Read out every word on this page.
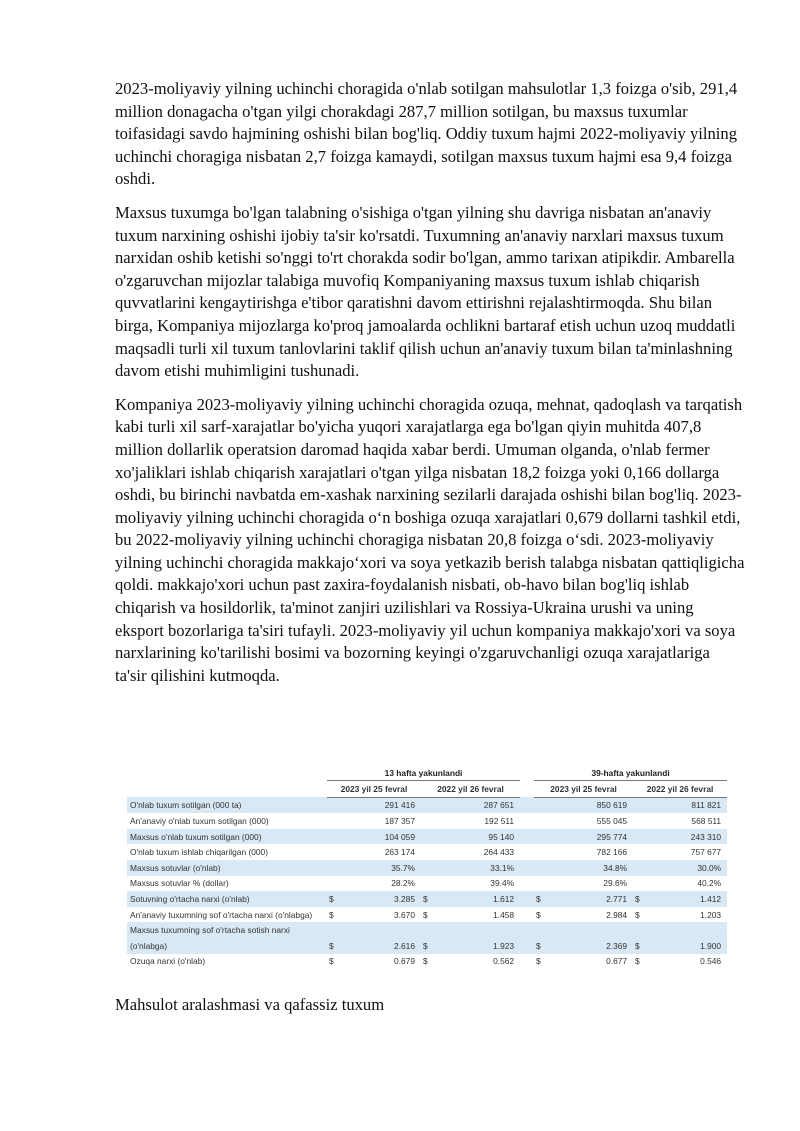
2023-moliyaviy yilning uchinchi choragida o'nlab sotilgan mahsulotlar 1,3 foizga o'sib, 291,4 million donagacha o'tgan yilgi chorakdagi 287,7 million sotilgan, bu maxsus tuxumlar toifasidagi savdo hajmining oshishi bilan bog'liq. Oddiy tuxum hajmi 2022-moliyaviy yilning uchinchi choragiga nisbatan 2,7 foizga kamaydi, sotilgan maxsus tuxum hajmi esa 9,4 foizga oshdi.

Maxsus tuxumga bo'lgan talabning o'sishiga o'tgan yilning shu davriga nisbatan an'anaviy tuxum narxining oshishi ijobiy ta'sir ko'rsatdi. Tuxumning an'anaviy narxlari maxsus tuxum narxidan oshib ketishi so'nggi to'rt chorakda sodir bo'lgan, ammo tarixan atipikdir. Ambarella o'zgaruvchan mijozlar talabiga muvofiq Kompaniyaning maxsus tuxum ishlab chiqarish quvvatlarini kengaytirishga e'tibor qaratishni davom ettirishni rejalashtirmoqda. Shu bilan birga, Kompaniya mijozlarga ko'proq jamoalarda ochlikni bartaraf etish uchun uzoq muddatli maqsadli turli xil tuxum tanlovlarini taklif qilish uchun an'anaviy tuxum bilan ta'minlashning davom etishi muhimligini tushunadi.

Kompaniya 2023-moliyaviy yilning uchinchi choragida ozuqa, mehnat, qadoqlash va tarqatish kabi turli xil sarf-xarajatlar bo'yicha yuqori xarajatlarga ega bo'lgan qiyin muhitda 407,8 million dollarlik operatsion daromad haqida xabar berdi. Umuman olganda, o'nlab fermer xo'jaliklari ishlab chiqarish xarajatlari o'tgan yilga nisbatan 18,2 foizga yoki 0,166 dollarga oshdi, bu birinchi navbatda em-xashak narxining sezilarli darajada oshishi bilan bog'liq. 2023-moliyaviy yilning uchinchi choragida o‘n boshiga ozuqa xarajatlari 0,679 dollarni tashkil etdi, bu 2022-moliyaviy yilning uchinchi choragiga nisbatan 20,8 foizga o‘sdi. 2023-moliyaviy yilning uchinchi choragida makkajo‘xori va soya yetkazib berish talabga nisbatan qattiqligicha qoldi. makkajo'xori uchun past zaxira-foydalanish nisbati, ob-havo bilan bog'liq ishlab chiqarish va hosildorlik, ta'minot zanjiri uzilishlari va Rossiya-Ukraina urushi va uning eksport bozorlariga ta'siri tufayli. 2023-moliyaviy yil uchun kompaniya makkajo'xori va soya narxlarining ko'tarilishi bosimi va bozorning keyingi o'zgaruvchanligi ozuqa xarajatlariga ta'sir qilishini kutmoqda.

	13 hafta yakunlandi					39-hafta yakunlandi			
	2023 yil 25 fevral		2022 yil 26 fevral			2023 yil 25 fevral		2022 yil 26 fevral	
O'nlab tuxum sotilgan (000 ta)		291 416		287 651			850 619		811 821
An'anaviy o'nlab tuxum sotilgan (000)		187 357		192 511			555 045		568 511
Maxsus o'nlab tuxum sotilgan (000)		104 059		95 140			295 774		243 310
O'nlab tuxum ishlab chiqarilgan (000)		263 174		264 433			782 166		757 677
Maxsus sotuvlar (o'nlab)		35.7%		33.1%			34.8%		30.0%
Maxsus sotuvlar % (dollar)		28.2%		39.4%			29.6%		40.2%
Sotuvning o'rtacha narxi (o'nlab)	$	3.285	$	1.612		$	2.771	$	1.412
An'anaviy tuxumning sof o'rtacha narxi (o'nlabga)	$	3.670	$	1.458		$	2.984	$	1.203
Maxsus tuxumning sof o'rtacha sotish narxi									
(o'nlabga)	$	2.616	$	1.923		$	2.369	$	1.900
Ozuqa narxi (o'nlab)	$	0.679	$	0.562		$	0.677	$	0.546
Mahsulot aralashmasi va qafassiz tuxum
